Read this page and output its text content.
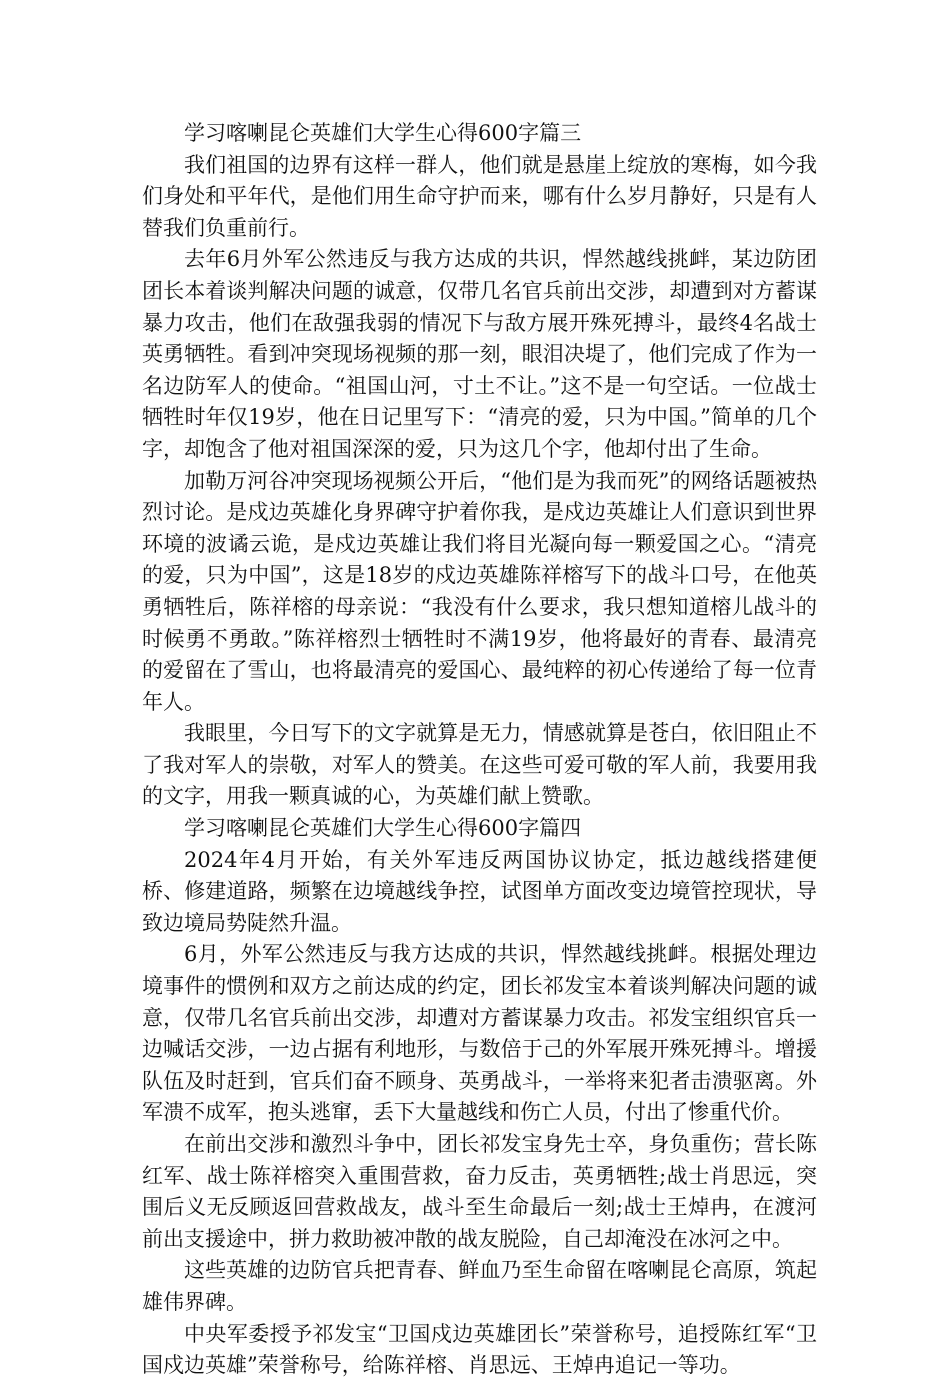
学习喀喇昆仑英雄们大学生心得600字篇三

我们祖国的边界有这样一群人，他们就是悬崖上绽放的寒梅，如今我们身处和平年代，是他们用生命守护而来，哪有什么岁月静好，只是有人替我们负重前行。

去年6月外军公然违反与我方达成的共识，悍然越线挑衅，某边防团团长本着谈判解决问题的诚意，仅带几名官兵前出交涉，却遭到对方蓄谋暴力攻击，他们在敌强我弱的情况下与敌方展开殊死搏斗，最终4名战士英勇牺牲。看到冲突现场视频的那一刻，眼泪决堤了，他们完成了作为一名边防军人的使命。“祖国山河，寸土不让。”这不是一句空话。一位战士牺牲时年仅19岁，他在日记里写下：“清亮的爱，只为中国。”简单的几个字，却饱含了他对祖国深深的爱，只为这几个字，他却付出了生命。

加勒万河谷冲突现场视频公开后，“他们是为我而死”的网络话题被热烈讨论。是戍边英雄化身界碑守护着你我，是戍边英雄让人们意识到世界环境的波谲云诡，是戍边英雄让我们将目光凝向每一颗爱国之心。“清亮的爱，只为中国”，这是18岁的戍边英雄陈祥榕写下的战斗口号，在他英勇牺牲后，陈祥榕的母亲说：“我没有什么要求，我只想知道榕儿战斗的时候勇不勇敢。”陈祥榕烈士牺牲时不满19岁，他将最好的青春、最清亮的爱留在了雪山，也将最清亮的爱国心、最纯粹的初心传递给了每一位青年人。

我眼里，今日写下的文字就算是无力，情感就算是苍白，依旧阻止不了我对军人的崇敬，对军人的赞美。在这些可爱可敬的军人前，我要用我的文字，用我一颗真诚的心，为英雄们献上赞歌。

学习喀喇昆仑英雄们大学生心得600字篇四

2024年4月开始，有关外军违反两国协议协定，抵边越线搭建便桥、修建道路，频繁在边境越线争控，试图单方面改变边境管控现状，导致边境局势陡然升温。

6月，外军公然违反与我方达成的共识，悍然越线挑衅。根据处理边境事件的惯例和双方之前达成的约定，团长祁发宝本着谈判解决问题的诚意，仅带几名官兵前出交涉，却遭对方蓄谋暴力攻击。祁发宝组织官兵一边喊话交涉，一边占据有利地形，与数倍于己的外军展开殊死搏斗。增援队伍及时赶到，官兵们奋不顾身、英勇战斗，一举将来犯者击溃驱离。外军溃不成军，抱头逃窜，丢下大量越线和伤亡人员，付出了惨重代价。

在前出交涉和激烈斗争中，团长祁发宝身先士卒，身负重伤；营长陈红军、战士陈祥榕突入重围营救，奋力反击，英勇牺牲;战士肖思远，突围后义无反顾返回营救战友，战斗至生命最后一刻;战士王焯冉，在渡河前出支援途中，拼力救助被冲散的战友脱险，自己却淹没在冰河之中。

这些英雄的边防官兵把青春、鲜血乃至生命留在喀喇昆仑高原，筑起雄伟界碑。

中央军委授予祁发宝“卫国戍边英雄团长”荣誉称号，追授陈红军“卫国戍边英雄”荣誉称号，给陈祥榕、肖思远、王焯冉追记一等功。
